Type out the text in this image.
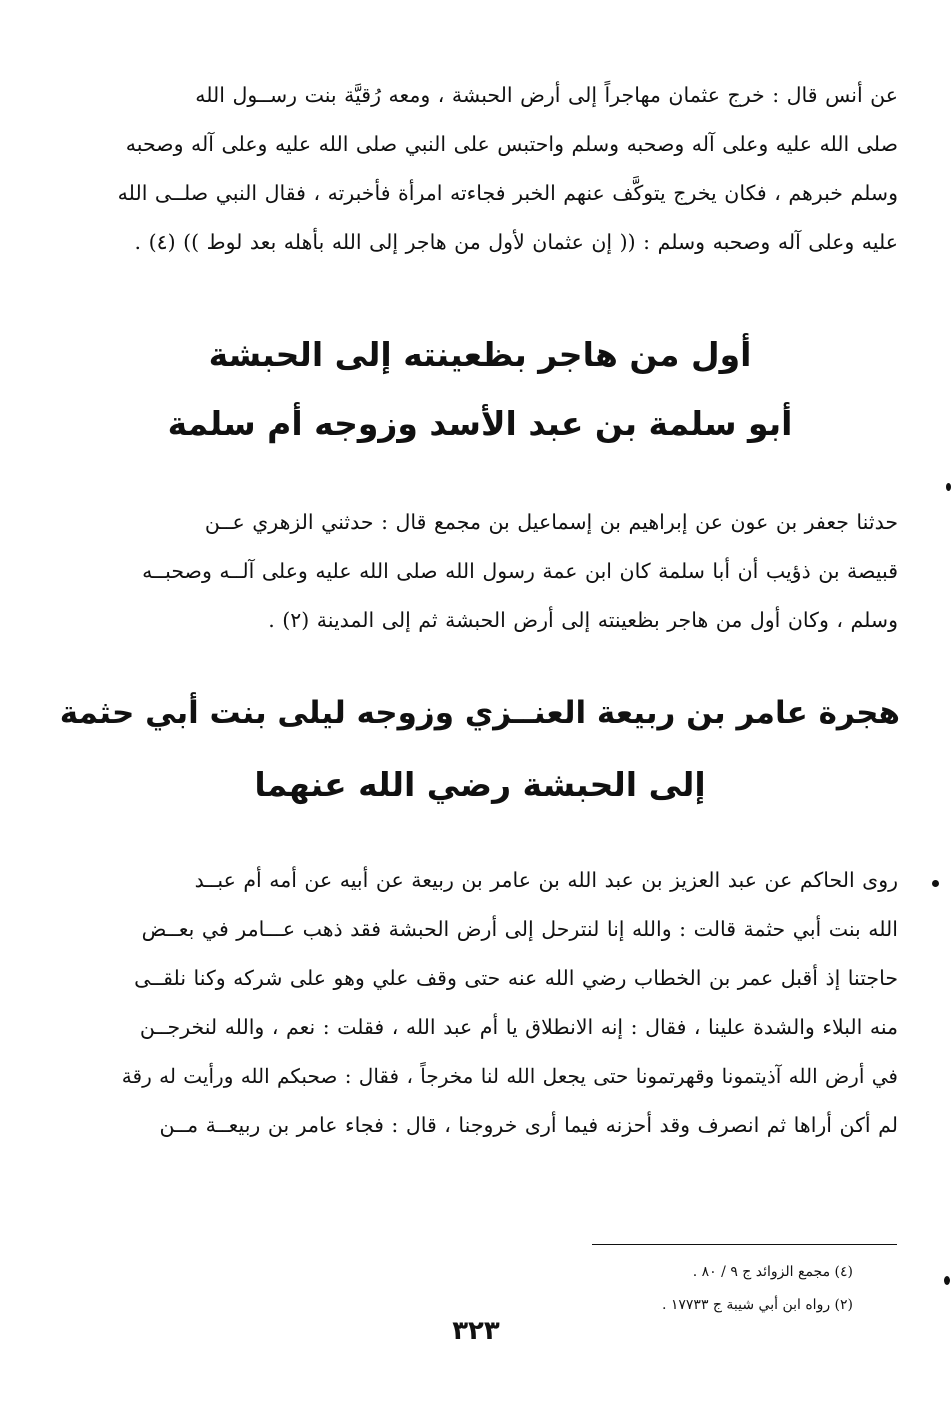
عن أنس قال : خرج عثمان مهاجراً إلى أرض الحبشة ، ومعه رُقيَّة بنت رســول الله
صلى الله عليه وعلى آله وصحبه وسلم واحتبس على النبي صلى الله عليه وعلى آله وصحبه
وسلم خبرهم ، فكان يخرج يتوكَّف عنهم الخبر فجاءته امرأة فأخبرته ، فقال النبي صلــى الله
عليه وعلى آله وصحبه وسلم : (( إن عثمان لأول من هاجر إلى الله بأهله بعد لوط )) (٤) .
أول من هاجر بظعينته إلى الحبشة
أبو سلمة بن عبد الأسد وزوجه أم سلمة
حدثنا جعفر بن عون عن إبراهيم بن إسماعيل بن مجمع قال : حدثني الزهري عــن
قبيصة بن ذؤيب أن أبا سلمة كان ابن عمة رسول الله صلى الله عليه وعلى آلــه وصحبــه
وسلم ، وكان أول من هاجر بظعينته إلى أرض الحبشة ثم إلى المدينة (٢) .
هجرة عامر بن ربيعة العنــزي وزوجه ليلى بنت أبي حثمة
إلى الحبشة رضي الله عنهما
روى الحاكم عن عبد العزيز بن عبد الله بن عامر بن ربيعة عن أبيه عن أمه أم عبــد
الله بنت أبي حثمة قالت : والله إنا لنترحل إلى أرض الحبشة فقد ذهب عـــامر في بعــض
حاجتنا إذ أقبل عمر بن الخطاب رضي الله عنه حتى وقف علي وهو على شركه وكنا نلقــى
منه البلاء والشدة علينا ، فقال : إنه الانطلاق يا أم عبد الله ، فقلت : نعم ، والله لنخرجــن
في أرض الله آذيتمونا وقهرتمونا حتى يجعل الله لنا مخرجاً ، فقال : صحبكم الله ورأيت له رقة
لم أكن أراها ثم انصرف وقد أحزنه فيما أرى خروجنا ، قال : فجاء عامر بن ربيعــة مــن
(٤) مجمع الزوائد ج ٩ / ٨٠ .
(٢) رواه ابن أبي شيبة ج ١٧٧٣٣ .
٣٢٣
